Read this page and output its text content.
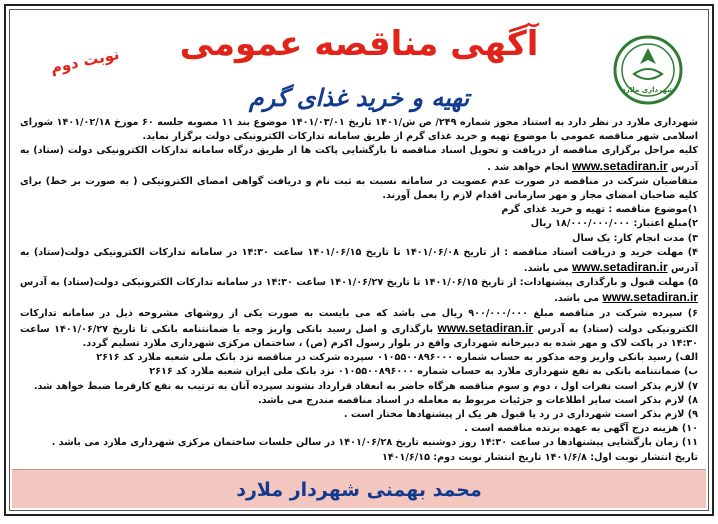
نوبت دوم
شهرداری ملارد
آگهی مناقصه عمومی
تهیه و خرید غذای گرم

شهرداری ملارد در نظر دارد به استناد مجوز شماره ۲۴۹/ ص ش/۱۴۰۱ تاریخ ۱۴۰۱/۰۳/۰۱ موضوع بند ۱۱ مصوبه جلسه ۶۰ مورخ ۱۴۰۱/۰۲/۱۸ شورای اسلامی شهر مناقصه عمومی با موضوع تهیه و خرید غذای گرم از طریق سامانه تدارکات الکترونیکی دولت برگزار نماید.

کلیه مراحل برگزاری مناقصه از دریافت و تحویل اسناد مناقصه تا بازگشایی پاکت ها از طریق درگاه سامانه تدارکات الکترونیکی دولت (ستاد) به آدرس www.setadiran.ir انجام خواهد شد .

متقاضیان شرکت در مناقصه در صورت عدم عضویت در سامانه نسبت به ثبت نام و دریافت گواهی امضای الکترونیکی ( به صورت بر خط) برای کلیه صاحبان امضای مجاز و مهر سازمانی اقدام لازم را بعمل آورند.

۱)موضوع مناقصه : تهیه و خرید غذای گرم

۲)مبلغ اعتبار: ۱۸/۰۰۰/۰۰۰/۰۰۰ ریال

۳) مدت انجام کار: یک سال

۴) مهلت خرید و دریافت اسناد مناقصه : از تاریخ ۱۴۰۱/۰۶/۰۸ تا تاریخ ۱۴۰۱/۰۶/۱۵ ساعت ۱۴:۳۰ در سامانه تدارکات الکترونیکی دولت(ستاد) به آدرس www.setadiran.ir می باشد.

۵) مهلت قبول و بارگذاری پیشنهادات: از تاریخ ۱۴۰۱/۰۶/۱۵ تا تاریخ ۱۴۰۱/۰۶/۲۷ ساعت ۱۴:۳۰ در سامانه تدارکات الکترونیکی دولت(ستاد) به آدرس www.setadiran.ir می باشد.

۶) سپرده شرکت در مناقصه مبلغ ۹۰۰/۰۰۰/۰۰۰ ریال می باشد که می بایست به صورت یکی از روشهای مشروحه ذیل در سامانه تدارکات الکترونیکی دولت (ستاد) به آدرس www.setadiran.ir بارگذاری و اصل رسید بانکی واریز وجه یا ضمانتنامه بانکی تا تاریخ ۱۴۰۱/۰۶/۲۷ ساعت ۱۴:۳۰ در پاکت لاک و مهر شده به دبیرخانه شهرداری واقع در بلوار رسول اکرم (ص) ، ساختمان مرکزی شهرداری ملارد تسلیم گردد.

الف) رسید بانکی واریز وجه مذکور به حساب شماره ۰۱۰۵۵۰۰۸۹۶۰۰۰ سپرده شرکت در مناقصه نزد بانک ملی شعبه ملارد کد ۲۶۱۶

ب) ضمانتنامه بانکی به نفع شهرداری ملارد به حساب شماره ۰۱۰۵۵۰۰۸۹۶۰۰۰ نزد بانک ملی ایران شعبه ملارد کد ۲۶۱۶

۷) لازم بذکر است نفرات اول ، دوم و سوم مناقصه هرگاه حاضر به انعقاد قرارداد نشوند سپرده آنان به ترتیب به نفع کارفرما ضبط خواهد شد.

۸) لازم بذکر است سایر اطلاعات و جزئیات مربوط به معامله در اسناد مناقصه مندرج می باشد.

۹) لازم بذکر است شهرداری در رد یا قبول هر یک از پیشنهادها مختار است .

۱۰) هزینه درج آگهی به عهده برنده مناقصه است .

۱۱) زمان بازگشایی پیشنهادها در ساعت ۱۴:۳۰ روز دوشنبه تاریخ ۱۴۰۱/۰۶/۲۸ در سالن جلسات ساختمان مرکزی شهرداری ملارد می باشد .

تاریخ انتشار نوبت اول: ۱۴۰۱/۶/۸ تاریخ انتشار نوبت دوم: ۱۴۰۱/۶/۱۵

محمد بهمنی شهردار ملارد
